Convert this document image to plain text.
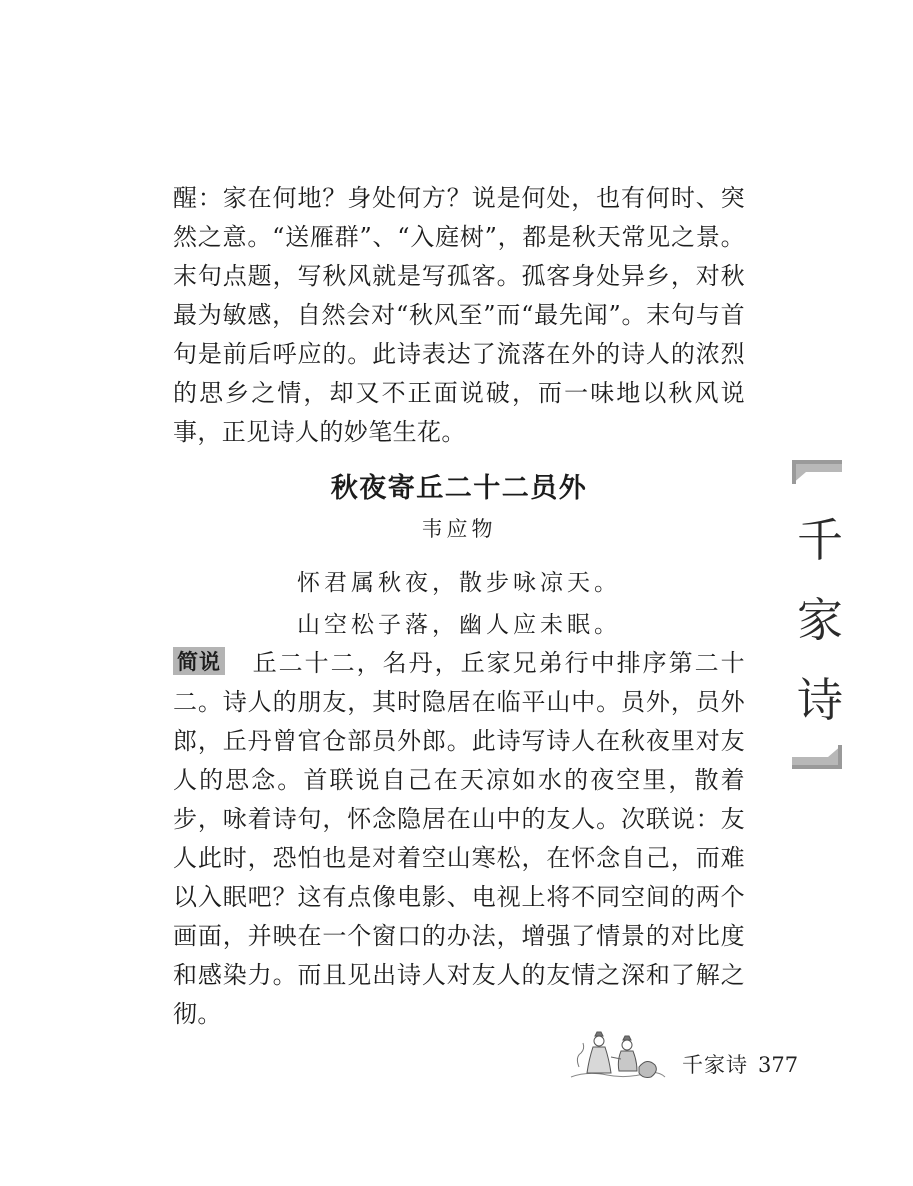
醒：家在何地？身处何方？说是何处，也有何时、突然之意。“送雁群”、“入庭树”，都是秋天常见之景。末句点题，写秋风就是写孤客。孤客身处异乡，对秋最为敏感，自然会对“秋风至”而“最先闻”。末句与首句是前后呼应的。此诗表达了流落在外的诗人的浓烈的思乡之情，却又不正面说破，而一味地以秋风说事，正见诗人的妙笔生花。
秋夜寄丘二十二员外
韦应物
怀君属秋夜，散步咏凉天。
山空松子落，幽人应未眠。
简说 丘二十二，名丹，丘家兄弟行中排序第二十二。诗人的朋友，其时隐居在临平山中。员外，员外郎，丘丹曾官仓部员外郎。此诗写诗人在秋夜里对友人的思念。首联说自己在天凉如水的夜空里，散着步，咏着诗句，怀念隐居在山中的友人。次联说：友人此时，恐怕也是对着空山寒松，在怀念自己，而难以入眠吧？这有点像电影、电视上将不同空间的两个画面，并映在一个窗口的办法，增强了情景的对比度和感染力。而且见出诗人对友人的友情之深和了解之彻。
千
家
诗
千家诗 377
